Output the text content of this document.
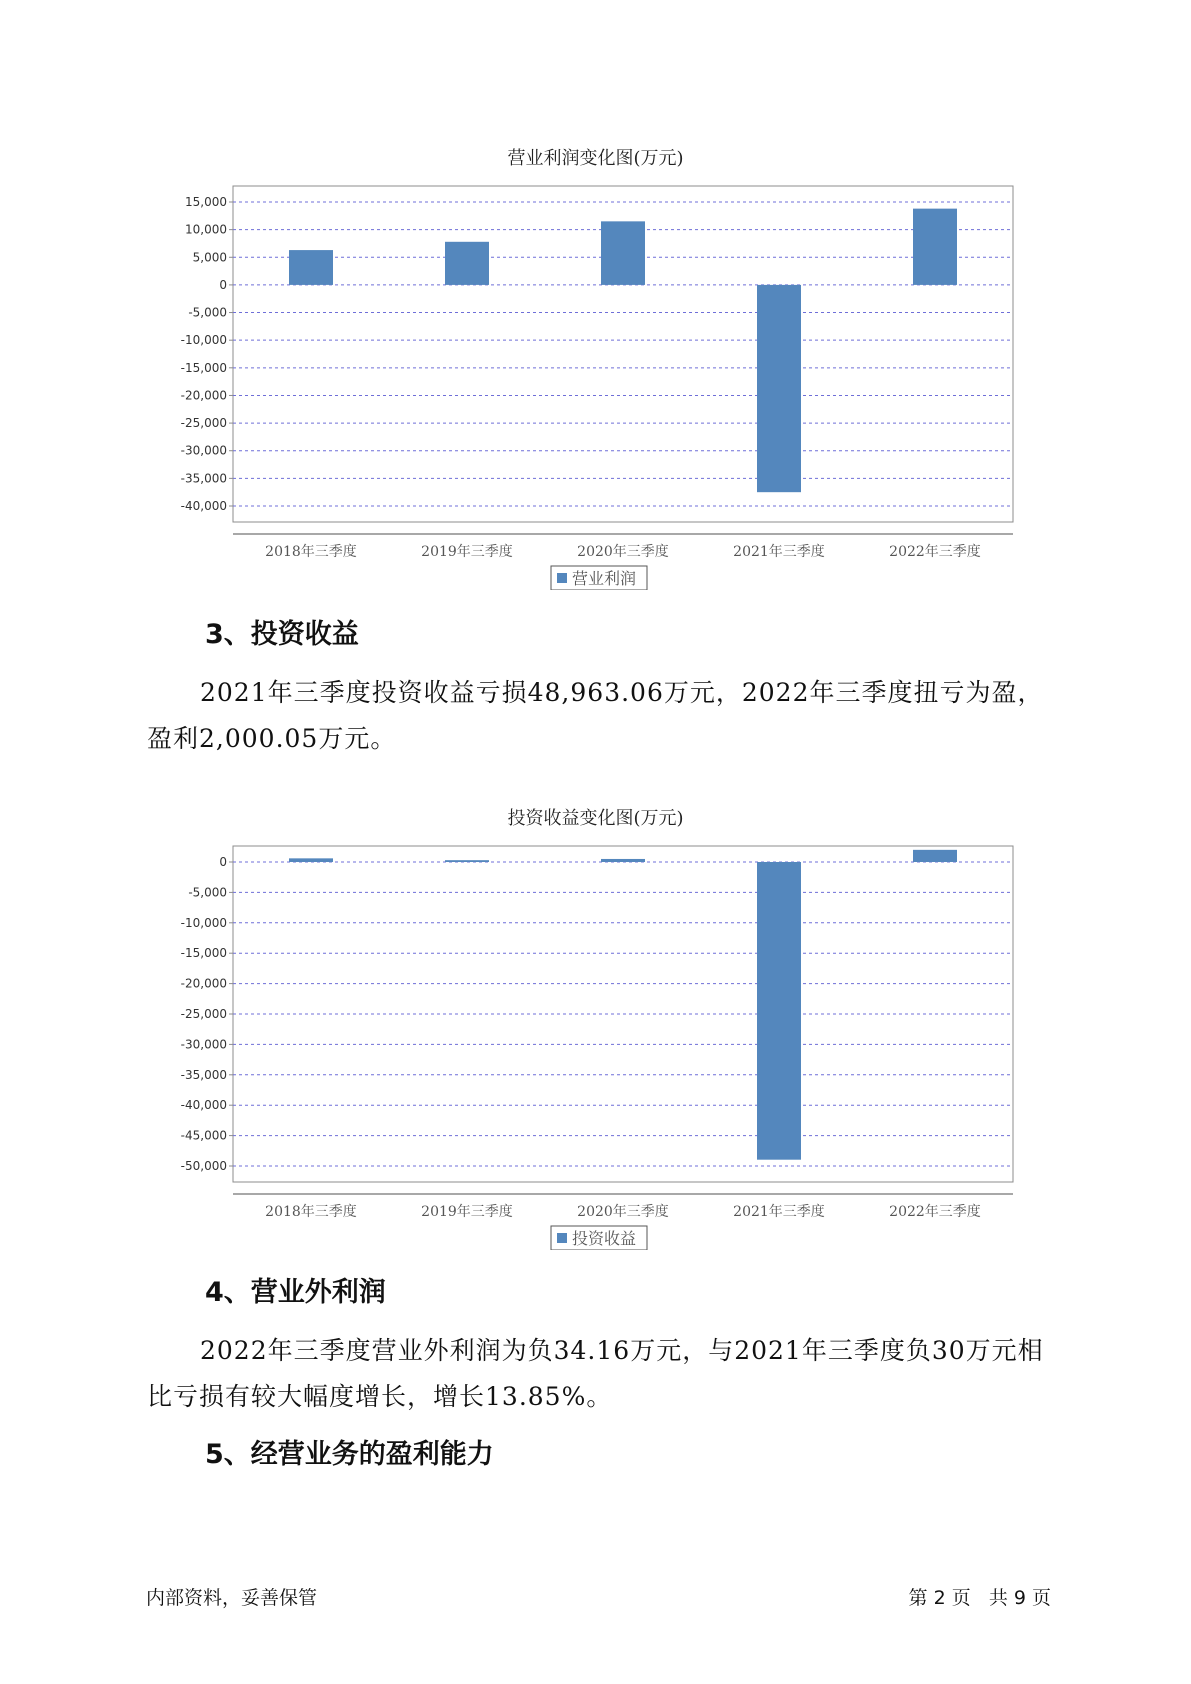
营业利润变化图(万元)
15,000
10,000
5,000
0
-5,000
-10,000
-15,000
-20,000
-25,000
-30,000
-35,000
-40,000
2018年三季度	2019年三季度	2020年三季度	2021年三季度	2022年三季度
营业利润
3、投资收益
2021年三季度投资收益亏损48,963.06万元，2022年三季度扭亏为盈，
盈利2,000.05万元。
投资收益变化图(万元)
0
-5,000
-10,000
-15,000
-20,000
-25,000
-30,000
-35,000
-40,000
-45,000
-50,000
2018年三季度	2019年三季度	2020年三季度	2021年三季度	2022年三季度
投资收益
4、营业外利润
2022年三季度营业外利润为负34.16万元，与2021年三季度负30万元相
比亏损有较大幅度增长，增长13.85%。
5、经营业务的盈利能力
内部资料，妥善保管	第 2 页   共 9 页
